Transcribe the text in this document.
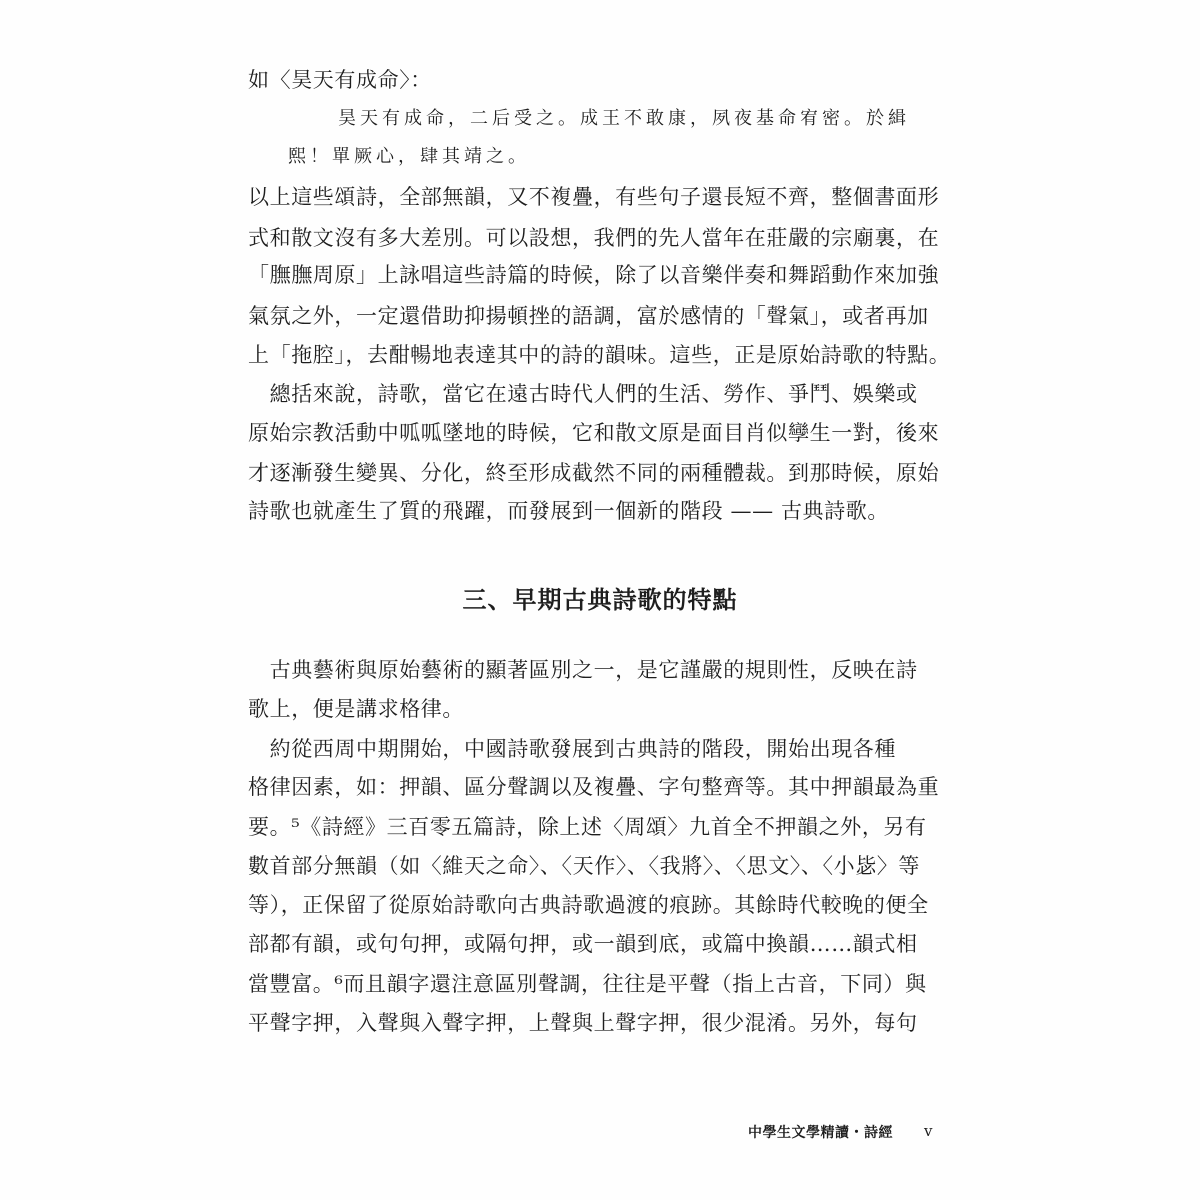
如〈昊天有成命〉：
昊天有成命，二后受之。成王不敢康，夙夜基命宥密。於緝
熙！單厥心，肆其靖之。
以上這些頌詩，全部無韻，又不複疊，有些句子還長短不齊，整個書面形
式和散文沒有多大差別。可以設想，我們的先人當年在莊嚴的宗廟裏，在
「膴膴周原」上詠唱這些詩篇的時候，除了以音樂伴奏和舞蹈動作來加強
氣氛之外，一定還借助抑揚頓挫的語調，富於感情的「聲氣」，或者再加
上「拖腔」，去酣暢地表達其中的詩的韻味。這些，正是原始詩歌的特點。
　總括來說，詩歌，當它在遠古時代人們的生活、勞作、爭鬥、娛樂或
原始宗教活動中呱呱墜地的時候，它和散文原是面目肖似孿生一對，後來
才逐漸發生變異、分化，終至形成截然不同的兩種體裁。到那時候，原始
詩歌也就產生了質的飛躍，而發展到一個新的階段 —— 古典詩歌。
三、早期古典詩歌的特點
　古典藝術與原始藝術的顯著區別之一，是它謹嚴的規則性，反映在詩
歌上，便是講求格律。
　約從西周中期開始，中國詩歌發展到古典詩的階段，開始出現各種
格律因素，如：押韻、區分聲調以及複疊、字句整齊等。其中押韻最為重
要。⁵《詩經》三百零五篇詩，除上述〈周頌〉九首全不押韻之外，另有
數首部分無韻（如〈維天之命〉、〈天作〉、〈我將〉、〈思文〉、〈小毖〉等
等），正保留了從原始詩歌向古典詩歌過渡的痕跡。其餘時代較晚的便全
部都有韻，或句句押，或隔句押，或一韻到底，或篇中換韻……韻式相
當豐富。⁶而且韻字還注意區別聲調，往往是平聲（指上古音，下同）與
平聲字押，入聲與入聲字押，上聲與上聲字押，很少混淆。另外，每句
中學生文學精讀・詩經 v
